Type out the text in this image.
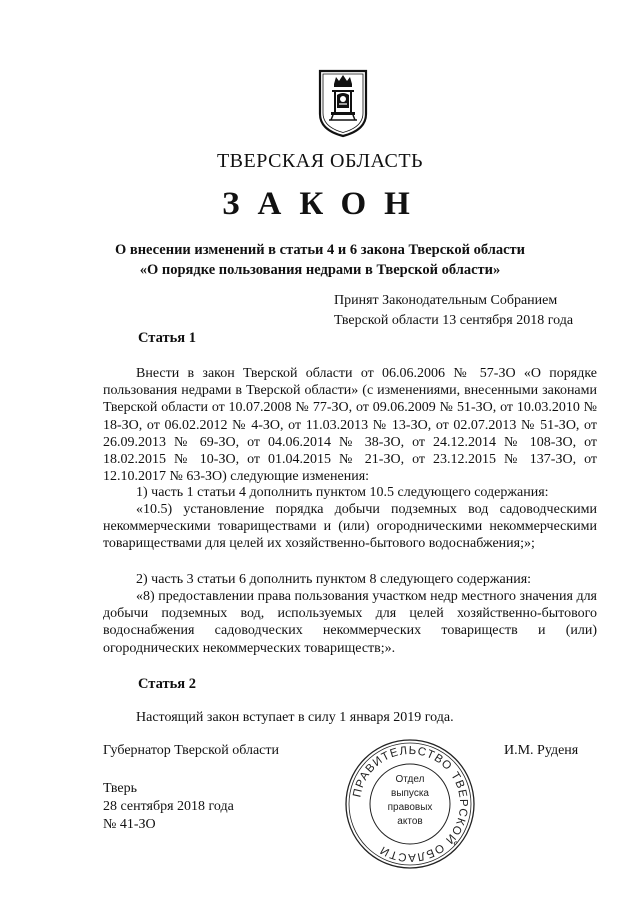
ТВЕРСКАЯ ОБЛАСТЬ
ЗАКОН
О внесении изменений в статьи 4 и 6 закона Тверской области
«О порядке пользования недрами в Тверской области»
Принят Законодательным Собранием
Тверской области 13 сентября 2018 года
Статья 1
Внести в закон Тверской области от 06.06.2006 № 57-ЗО «О порядке пользования недрами в Тверской области» (с изменениями, внесенными законами Тверской области от 10.07.2008 № 77-ЗО, от 09.06.2009 № 51-ЗО, от 10.03.2010 № 18-ЗО, от 06.02.2012 № 4-ЗО, от 11.03.2013 № 13-ЗО, от 02.07.2013 № 51-ЗО, от 26.09.2013 № 69-ЗО, от 04.06.2014 № 38-ЗО, от 24.12.2014 № 108-ЗО, от 18.02.2015 № 10-ЗО, от 01.04.2015 № 21-ЗО, от 23.12.2015 № 137-ЗО, от 12.10.2017 № 63-ЗО) следующие изменения:
1) часть 1 статьи 4 дополнить пунктом 10.5 следующего содержания:
«10.5) установление порядка добычи подземных вод садоводческими некоммерческими товариществами и (или) огородническими некоммерческими товариществами для целей их хозяйственно-бытового водоснабжения;»;
2) часть 3 статьи 6 дополнить пунктом 8 следующего содержания:
«8) предоставлении права пользования участком недр местного значения для добычи подземных вод, используемых для целей хозяйственно-бытового водоснабжения садоводческих некоммерческих товариществ и (или) огороднических некоммерческих товариществ;».
Статья 2
Настоящий закон вступает в силу 1 января 2019 года.
Губернатор Тверской области	И.М. Руденя
Тверь
28 сентября 2018 года
№ 41-ЗО
ПРАВИТЕЛЬСТВО ТВЕРСКОЙ ОБЛАСТИ
Отдел
выпуска
правовых
актов
